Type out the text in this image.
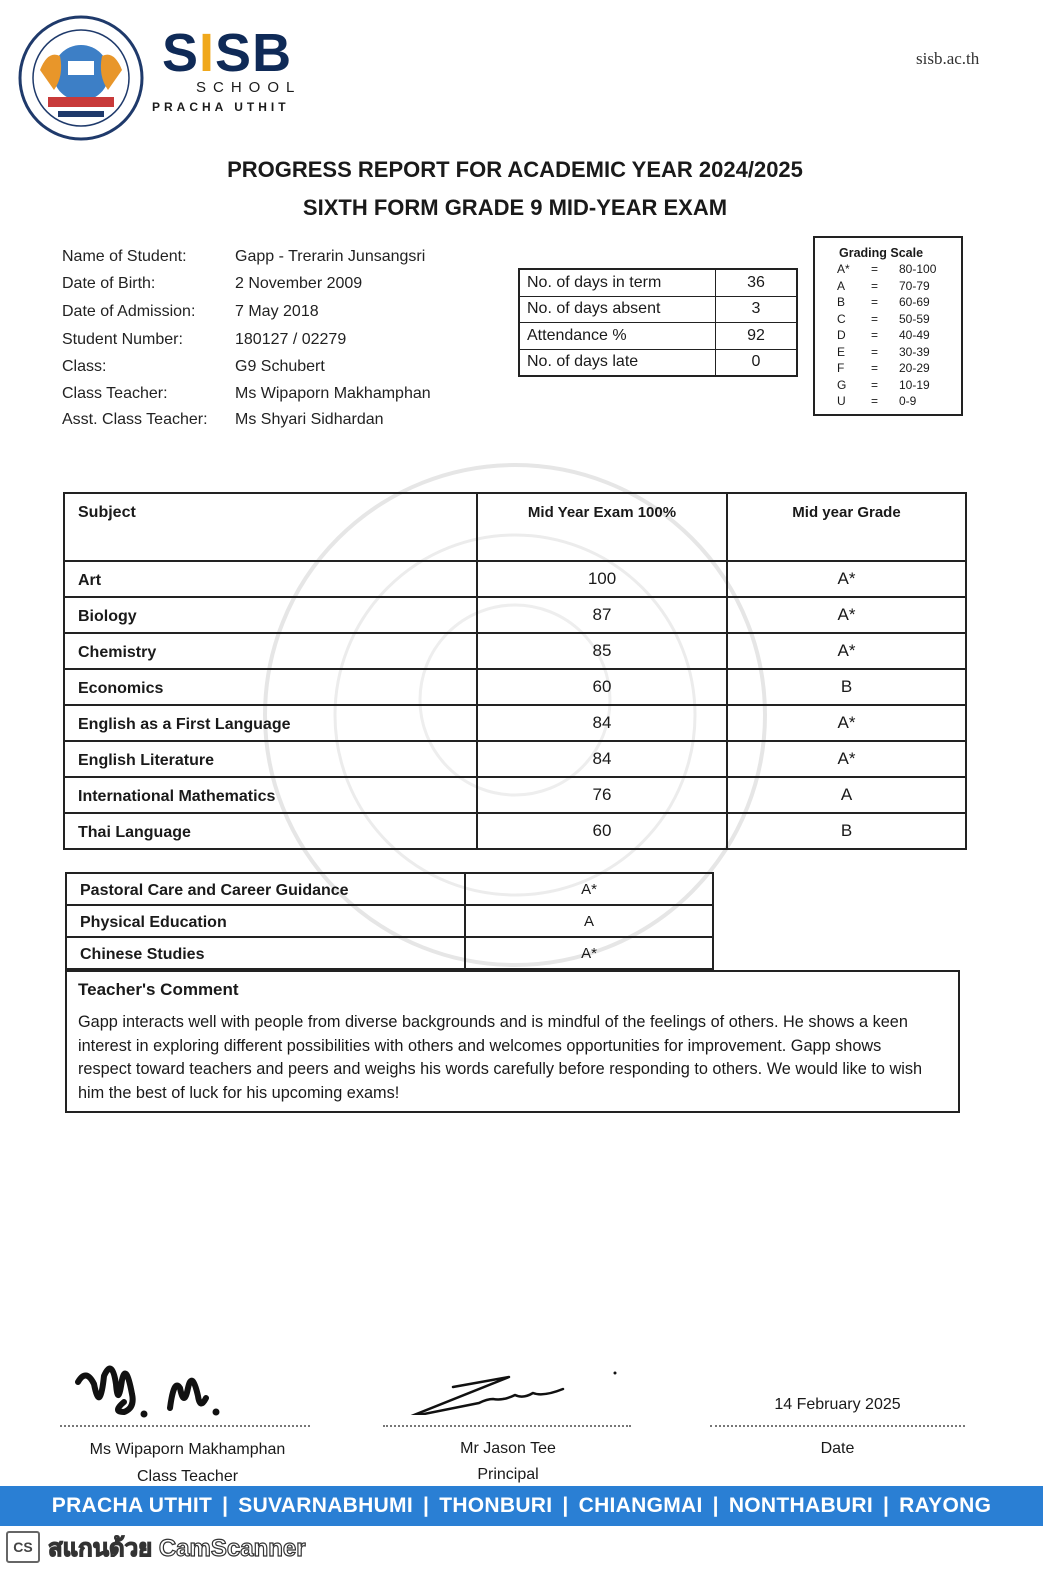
SISB
SCHOOL
PRACHA UTHIT
sisb.ac.th
PROGRESS REPORT FOR ACADEMIC YEAR 2024/2025
SIXTH FORM GRADE 9 MID-YEAR EXAM
Name of Student:	Gapp - Trerarin Junsangsri
Date of Birth:	2 November 2009
Date of Admission: 7 May 2018
Student Number:	180127 / 02279
Class:	G9 Schubert
Class Teacher:	Ms Wipaporn Makhamphan
Asst. Class Teacher: Ms Shyari Sidhardan
No. of days in term	36
No. of days absent	3
Attendance %	92
No. of days late	0
Grading Scale
A*	=	80-100
A	=	70-79
B	=	60-69
C	=	50-59
D	=	40-49
E	=	30-39
F	=	20-29
G	=	10-19
U	=	0-9
Subject	Mid Year Exam 100%	Mid year Grade
Art	100	A*
Biology	87	A*
Chemistry	85	A*
Economics	60	B
English as a First Language	84	A*
English Literature	84	A*
International Mathematics	76	A
Thai Language	60	B
Pastoral Care and Career Guidance	A*
Physical Education	A
Chinese Studies	A*
Teacher's Comment
Gapp interacts well with people from diverse backgrounds and is mindful of the feelings of others. He shows a keen interest in exploring different possibilities with others and welcomes opportunities for improvement. Gapp shows respect toward teachers and peers and weighs his words carefully before responding to others. We would like to wish him the best of luck for his upcoming exams!
14 February 2025
Ms Wipaporn Makhamphan
Class Teacher
Mr Jason Tee
Principal
Date
PRACHA UTHIT | SUVARNABHUMI | THONBURI | CHIANGMAI | NONTHABURI | RAYONG
CS สแกนด้วย CamScanner
